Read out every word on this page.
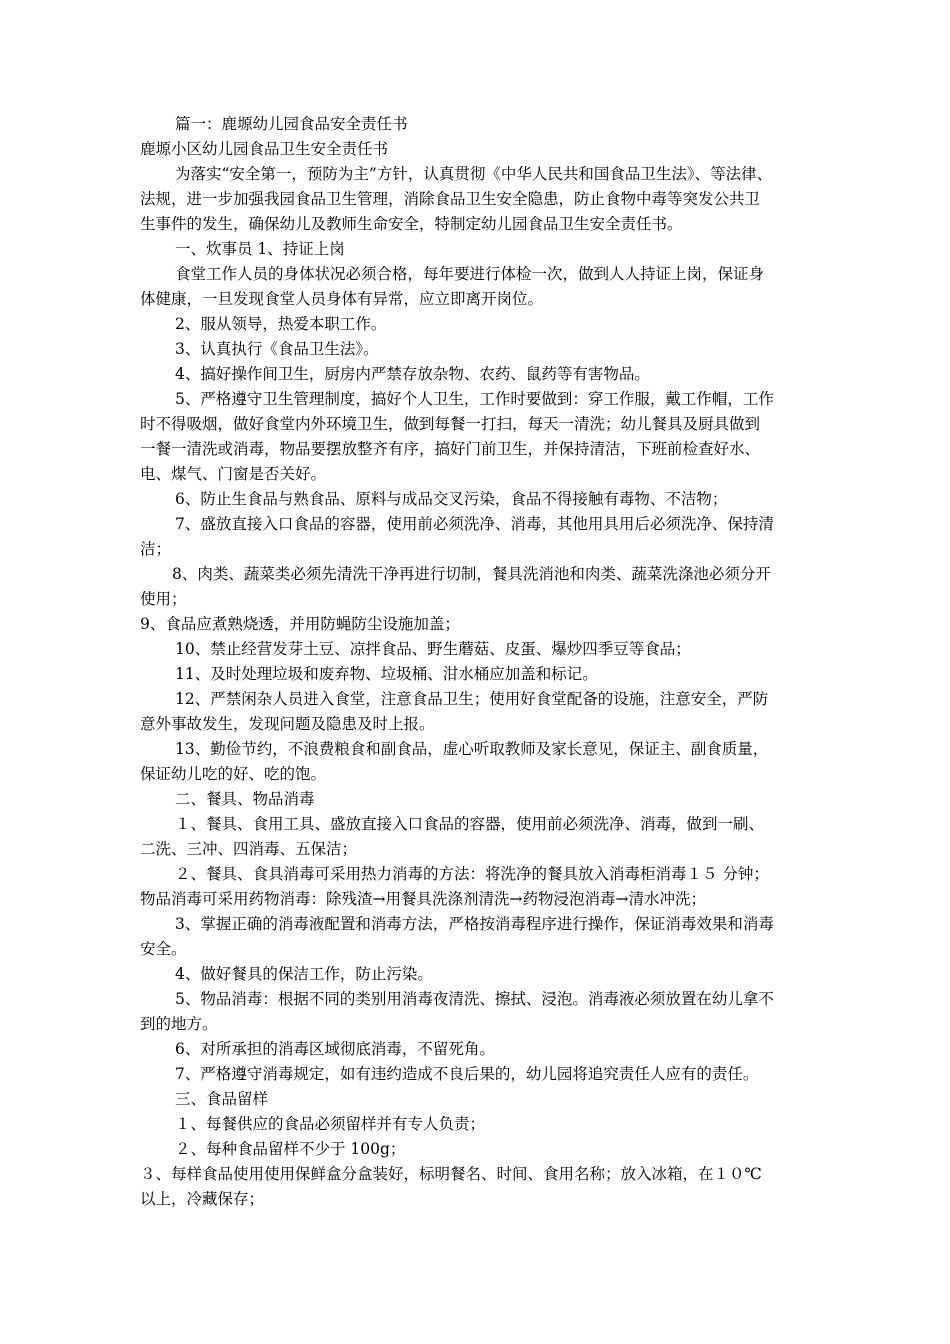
篇一：鹿塬幼儿园食品安全责任书
鹿塬小区幼儿园食品卫生安全责任书
为落实“安全第一，预防为主”方针，认真贯彻《中华人民共和国食品卫生法》、等法律、
法规，进一步加强我园食品卫生管理，消除食品卫生安全隐患，防止食物中毒等突发公共卫
生事件的发生，确保幼儿及教师生命安全，特制定幼儿园食品卫生安全责任书。
一、炊事员 1、持证上岗
食堂工作人员的身体状况必须合格，每年要进行体检一次，做到人人持证上岗，保证身
体健康，一旦发现食堂人员身体有异常，应立即离开岗位。
2、服从领导，热爱本职工作。
3、认真执行《食品卫生法》。
4、搞好操作间卫生，厨房内严禁存放杂物、农药、鼠药等有害物品。
5、严格遵守卫生管理制度，搞好个人卫生，工作时要做到：穿工作服，戴工作帽，工作
时不得吸烟，做好食堂内外环境卫生，做到每餐一打扫，每天一清洗；幼儿餐具及厨具做到
一餐一清洗或消毒，物品要摆放整齐有序，搞好门前卫生，并保持清洁，下班前检查好水、
电、煤气、门窗是否关好。
6、防止生食品与熟食品、原料与成品交叉污染，食品不得接触有毒物、不洁物；
7、盛放直接入口食品的容器，使用前必须洗净、消毒，其他用具用后必须洗净、保持清
洁；
8、肉类、蔬菜类必须先清洗干净再进行切制，餐具洗消池和肉类、蔬菜洗涤池必须分开
使用；
9、食品应煮熟烧透，并用防蝇防尘设施加盖；
10、禁止经营发芽土豆、凉拌食品、野生蘑菇、皮蛋、爆炒四季豆等食品；
11、及时处理垃圾和废弃物、垃圾桶、泔水桶应加盖和标记。
12、严禁闲杂人员进入食堂，注意食品卫生；使用好食堂配备的设施，注意安全，严防
意外事故发生，发现问题及隐患及时上报。
13、勤俭节约，不浪费粮食和副食品，虚心听取教师及家长意见，保证主、副食质量，
保证幼儿吃的好、吃的饱。
二、餐具、物品消毒
１、餐具、食用工具、盛放直接入口食品的容器，使用前必须洗净、消毒，做到一刷、
二洗、三冲、四消毒、五保洁；
２、餐具、食具消毒可采用热力消毒的方法：将洗净的餐具放入消毒柜消毒１５ 分钟；
物品消毒可采用药物消毒：除残渣→用餐具洗涤剂清洗→药物浸泡消毒→清水冲洗；
3、掌握正确的消毒液配置和消毒方法，严格按消毒程序进行操作，保证消毒效果和消毒
安全。
4、做好餐具的保洁工作，防止污染。
5、物品消毒：根据不同的类别用消毒夜清洗、擦拭、浸泡。消毒液必须放置在幼儿拿不
到的地方。
6、对所承担的消毒区域彻底消毒，不留死角。
7、严格遵守消毒规定，如有违约造成不良后果的，幼儿园将追究责任人应有的责任。
三、食品留样
１、每餐供应的食品必须留样并有专人负责；
２、每种食品留样不少于 100g；
３、每样食品使用使用保鲜盒分盒装好，标明餐名、时间、食用名称；放入冰箱，在１０℃
以上，冷藏保存；
